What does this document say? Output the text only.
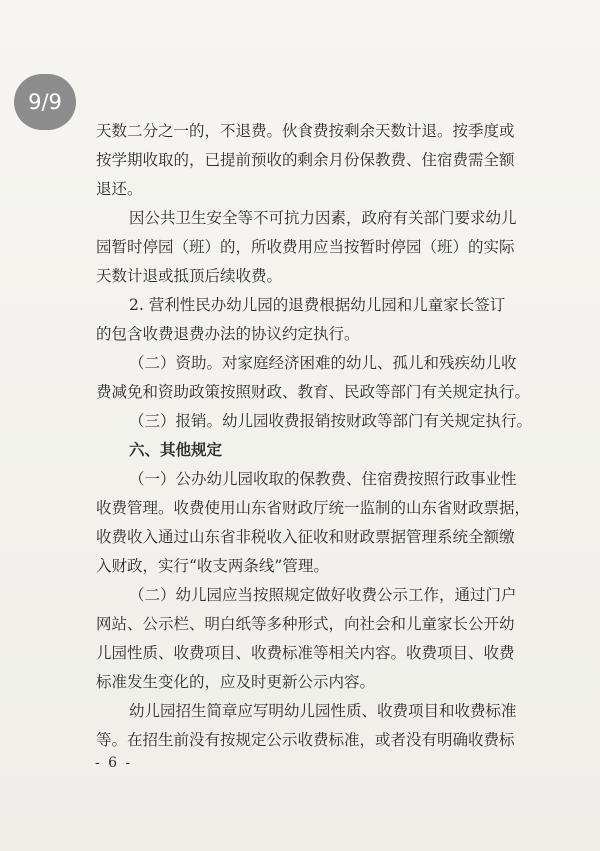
天数二分之一的，不退费。伙食费按剩余天数计退。按季度或
按学期收取的，已提前预收的剩余月份保教费、住宿费需全额
退还。
因公共卫生安全等不可抗力因素，政府有关部门要求幼儿
园暂时停园（班）的，所收费用应当按暂时停园（班）的实际
天数计退或抵顶后续收费。
2. 营利性民办幼儿园的退费根据幼儿园和儿童家长签订
的包含收费退费办法的协议约定执行。
（二）资助。对家庭经济困难的幼儿、孤儿和残疾幼儿收
费减免和资助政策按照财政、教育、民政等部门有关规定执行。
（三）报销。幼儿园收费报销按财政等部门有关规定执行。
六、其他规定
（一）公办幼儿园收取的保教费、住宿费按照行政事业性
收费管理。收费使用山东省财政厅统一监制的山东省财政票据，
收费收入通过山东省非税收入征收和财政票据管理系统全额缴
入财政，实行“收支两条线”管理。
（二）幼儿园应当按照规定做好收费公示工作，通过门户
网站、公示栏、明白纸等多种形式，向社会和儿童家长公开幼
儿园性质、收费项目、收费标准等相关内容。收费项目、收费
标准发生变化的，应及时更新公示内容。
幼儿园招生简章应写明幼儿园性质、收费项目和收费标准
等。在招生前没有按规定公示收费标准，或者没有明确收费标
- 6 -
9/9
